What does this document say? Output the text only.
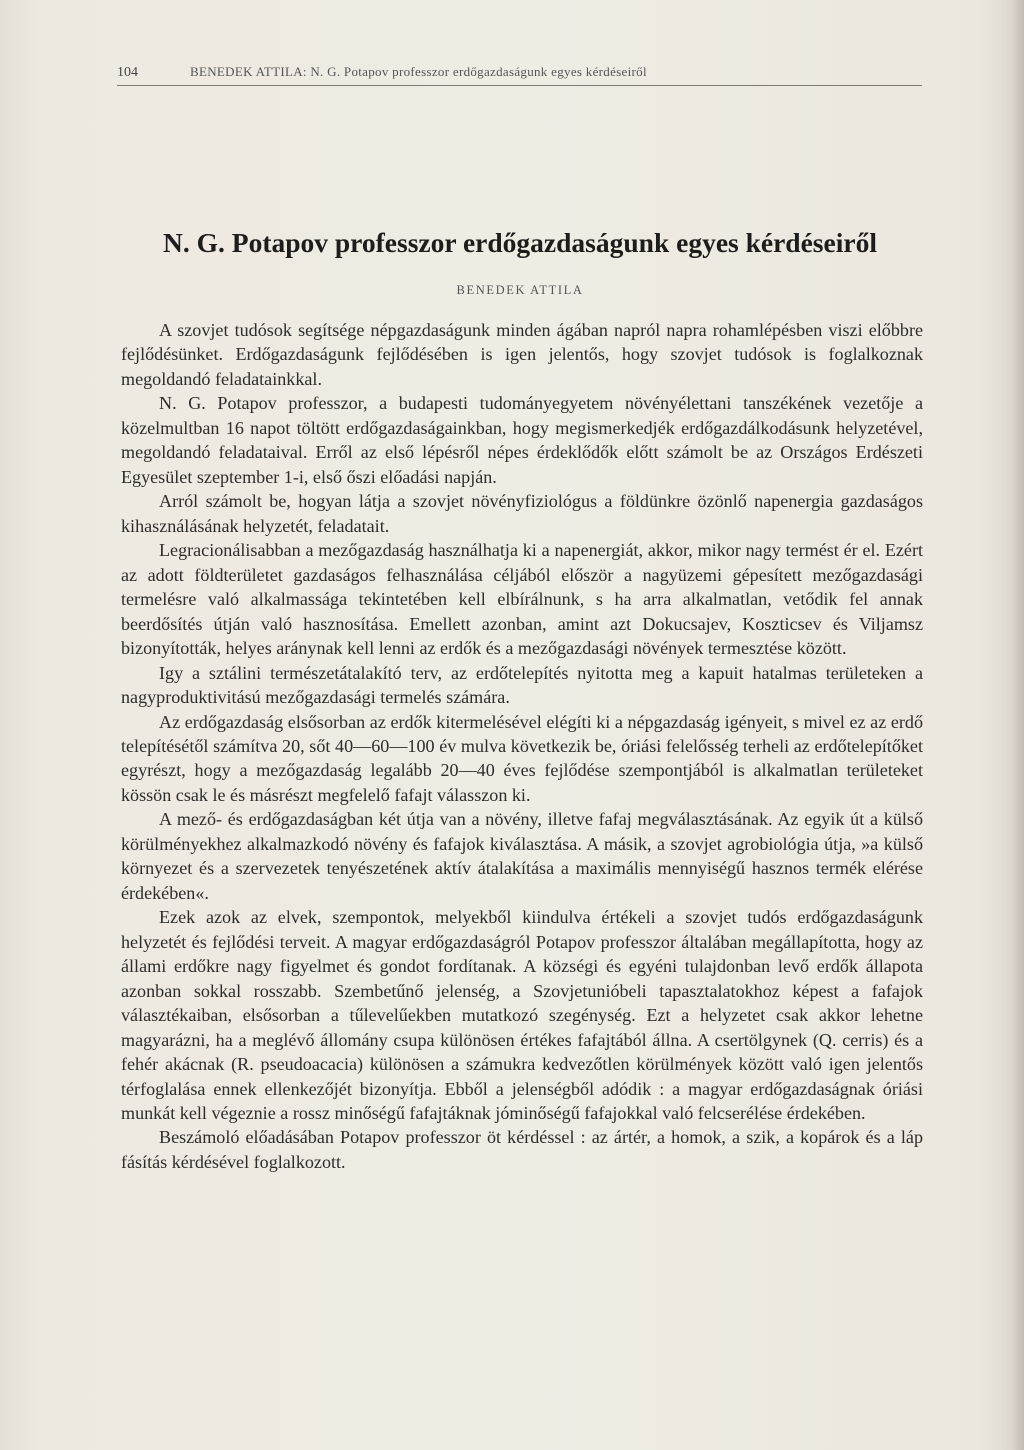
104	BENEDEK ATTILA: N. G. Potapov professzor erdőgazdaságunk egyes kérdéseiről
N. G. Potapov professzor erdőgazdaságunk egyes kérdéseiről
BENEDEK ATTILA

A szovjet tudósok segítsége népgazdaságunk minden ágában napról napra rohamlépésben viszi előbbre fejlődésünket. Erdőgazdaságunk fejlődésében is igen jelentős, hogy szovjet tudósok is foglalkoznak megoldandó feladatainkkal.

N. G. Potapov professzor, a budapesti tudományegyetem növényélettani tanszékének vezetője a közelmultban 16 napot töltött erdőgazdaságainkban, hogy megismerkedjék erdőgazdálkodásunk helyzetével, megoldandó feladataival. Erről az első lépésről népes érdeklődők előtt számolt be az Országos Erdészeti Egyesület szeptember 1-i, első őszi előadási napján.

Arról számolt be, hogyan látja a szovjet növényfiziológus a földünkre özönlő napenergia gazdaságos kihasználásának helyzetét, feladatait.

Legracionálisabban a mezőgazdaság használhatja ki a napenergiát, akkor, mikor nagy termést ér el. Ezért az adott földterületet gazdaságos felhasználása céljából először a nagyüzemi gépesített mezőgazdasági termelésre való alkalmassága tekintetében kell elbírálnunk, s ha arra alkalmatlan, vetődik fel annak beerdősítés útján való hasznosítása. Emellett azonban, amint azt Dokucsajev, Koszticsev és Viljamsz bizonyították, helyes aránynak kell lenni az erdők és a mezőgazdasági növények termesztése között.

Igy a sztálini természetátalakító terv, az erdőtelepítés nyitotta meg a kapuit hatalmas területeken a nagyproduktivitású mezőgazdasági termelés számára.

Az erdőgazdaság elsősorban az erdők kitermelésével elégíti ki a népgazdaság igényeit, s mivel ez az erdő telepítésétől számítva 20, sőt 40—60—100 év mulva következik be, óriási felelősség terheli az erdőtelepítőket egyrészt, hogy a mezőgazdaság legalább 20—40 éves fejlődése szempontjából is alkalmatlan területeket kössön csak le és másrészt megfelelő fafajt válasszon ki.

A mező- és erdőgazdaságban két útja van a növény, illetve fafaj megválasztásának. Az egyik út a külső körülményekhez alkalmazkodó növény és fafajok kiválasztása. A másik, a szovjet agrobiológia útja, »a külső környezet és a szervezetek tenyészetének aktív átalakítása a maximális mennyiségű hasznos termék elérése érdekében«.

Ezek azok az elvek, szempontok, melyekből kiindulva értékeli a szovjet tudós erdőgazdaságunk helyzetét és fejlődési terveit. A magyar erdőgazdaságról Potapov professzor általában megállapította, hogy az állami erdőkre nagy figyelmet és gondot fordítanak. A községi és egyéni tulajdonban levő erdők állapota azonban sokkal rosszabb. Szembetűnő jelenség, a Szovjetunióbeli tapasztalatokhoz képest a fafajok választékaiban, elsősorban a tűlevelűekben mutatkozó szegénység. Ezt a helyzetet csak akkor lehetne magyarázni, ha a meglévő állomány csupa különösen értékes fafajtából állna. A csertölgynek (Q. cerris) és a fehér akácnak (R. pseudoacacia) különösen a számukra kedvezőtlen körülmények között való igen jelentős térfoglalása ennek ellenkezőjét bizonyítja. Ebből a jelenségből adódik : a magyar erdőgazdaságnak óriási munkát kell végeznie a rossz minőségű fafajtáknak jóminőségű fafajokkal való felcserélése érdekében.

Beszámoló előadásában Potapov professzor öt kérdéssel : az ártér, a homok, a szik, a kopárok és a láp fásítás kérdésével foglalkozott.
